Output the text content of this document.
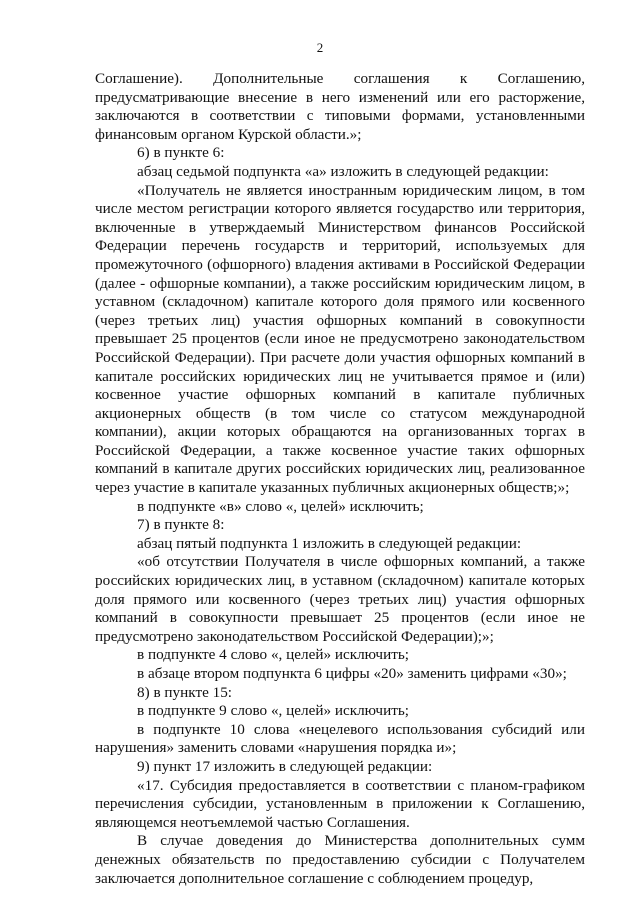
2

Соглашение). Дополнительные соглашения к Соглашению, предусматривающие внесение в него изменений или его расторжение, заключаются в соответствии с типовыми формами, установленными финансовым органом Курской области.»;

6) в пункте 6:

абзац седьмой подпункта «а» изложить в следующей редакции:

«Получатель не является иностранным юридическим лицом, в том числе местом регистрации которого является государство или территория, включенные в утверждаемый Министерством финансов Российской Федерации перечень государств и территорий, используемых для промежуточного (офшорного) владения активами в Российской Федерации (далее - офшорные компании), а также российским юридическим лицом, в уставном (складочном) капитале которого доля прямого или косвенного (через третьих лиц) участия офшорных компаний в совокупности превышает 25 процентов (если иное не предусмотрено законодательством Российской Федерации). При расчете доли участия офшорных компаний в капитале российских юридических лиц не учитывается прямое и (или) косвенное участие офшорных компаний в капитале публичных акционерных обществ (в том числе со статусом международной компании), акции которых обращаются на организованных торгах в Российской Федерации, а также косвенное участие таких офшорных компаний в капитале других российских юридических лиц, реализованное через участие в капитале указанных публичных акционерных обществ;»;

в подпункте «в» слово «, целей» исключить;

7) в пункте 8:

абзац пятый подпункта 1 изложить в следующей редакции:

«об отсутствии Получателя в числе офшорных компаний, а также российских юридических лиц, в уставном (складочном) капитале которых доля прямого или косвенного (через третьих лиц) участия офшорных компаний в совокупности превышает 25 процентов (если иное не предусмотрено законодательством Российской Федерации);»;

в подпункте 4 слово «, целей» исключить;

в абзаце втором подпункта 6 цифры «20» заменить цифрами «30»;

8) в пункте 15:

в подпункте 9 слово «, целей» исключить;

в подпункте 10 слова «нецелевого использования субсидий или нарушения» заменить словами «нарушения порядка и»;

9) пункт 17 изложить в следующей редакции:

«17. Субсидия предоставляется в соответствии с планом-графиком перечисления субсидии, установленным в приложении к Соглашению, являющемся неотъемлемой частью Соглашения.

В случае доведения до Министерства дополнительных сумм денежных обязательств по предоставлению субсидии с Получателем заключается дополнительное соглашение с соблюдением процедур,
